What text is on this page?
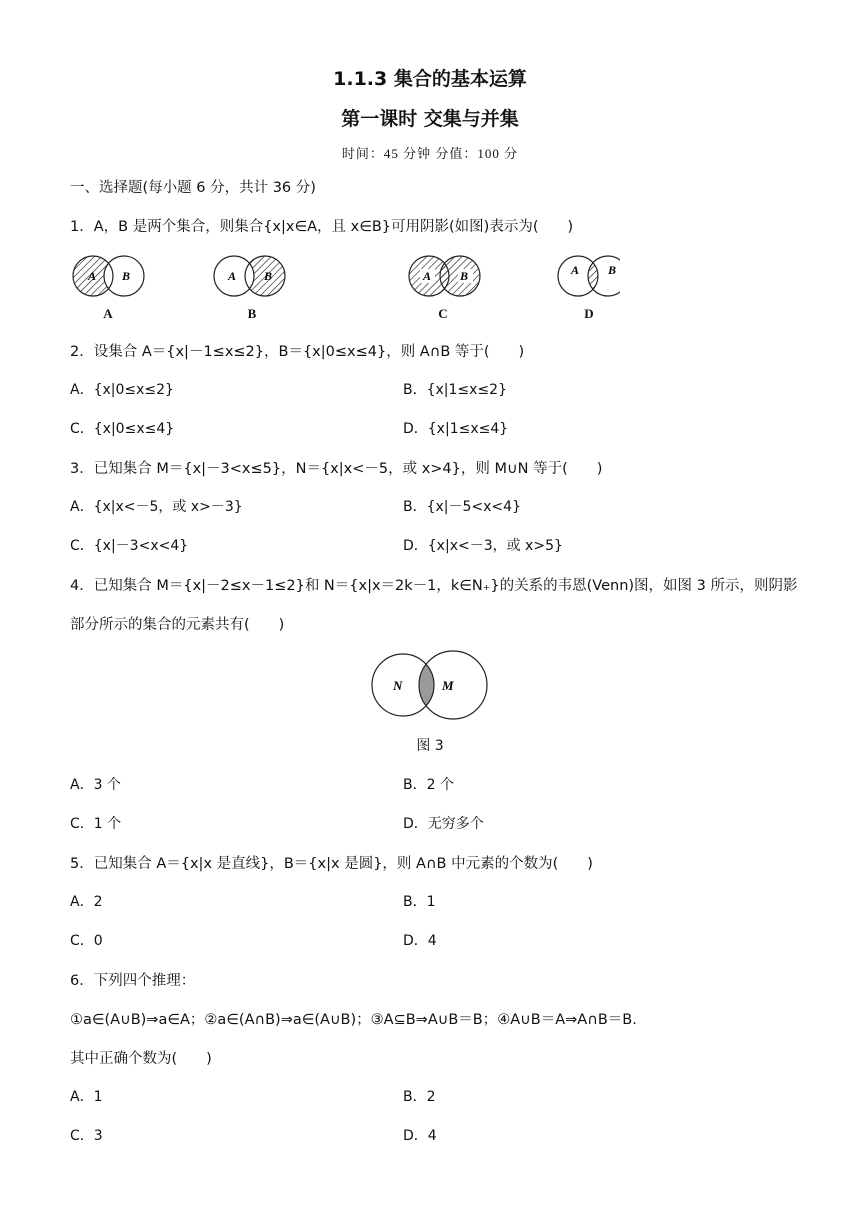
1.1.3 集合的基本运算
第一课时 交集与并集
时间：45 分钟 分值：100 分
一、选择题(每小题 6 分，共计 36 分)
1．A，B 是两个集合，则集合{x|x∈A，且 x∈B}可用阴影(如图)表示为(　　)
A B	A B	A B	A B
A	B	C	D
2．设集合 A＝{x|－1≤x≤2}，B＝{x|0≤x≤4}，则 A∩B 等于(　　)
A．{x|0≤x≤2}	B．{x|1≤x≤2}
C．{x|0≤x≤4}	D．{x|1≤x≤4}
3．已知集合 M＝{x|－3<x≤5}，N＝{x|x<－5，或 x>4}，则 M∪N 等于(　　)
A．{x|x<－5，或 x>－3}	B．{x|－5<x<4}
C．{x|－3<x<4}	D．{x|x<－3，或 x>5}
4．已知集合 M＝{x|－2≤x－1≤2}和 N＝{x|x＝2k－1，k∈N₊}的关系的韦恩(Venn)图，如图 3 所示，则阴影
部分所示的集合的元素共有(　　)
N	M
图 3
A．3 个	B．2 个
C．1 个	D．无穷多个
5．已知集合 A＝{x|x 是直线}，B＝{x|x 是圆}，则 A∩B 中元素的个数为(　　)
A．2	B．1
C．0	D．4
6．下列四个推理：
①a∈(A∪B)⇒a∈A；②a∈(A∩B)⇒a∈(A∪B)；③A⊆B⇒A∪B＝B；④A∪B＝A⇒A∩B＝B.
其中正确个数为(　　)
A．1	B．2
C．3	D．4
